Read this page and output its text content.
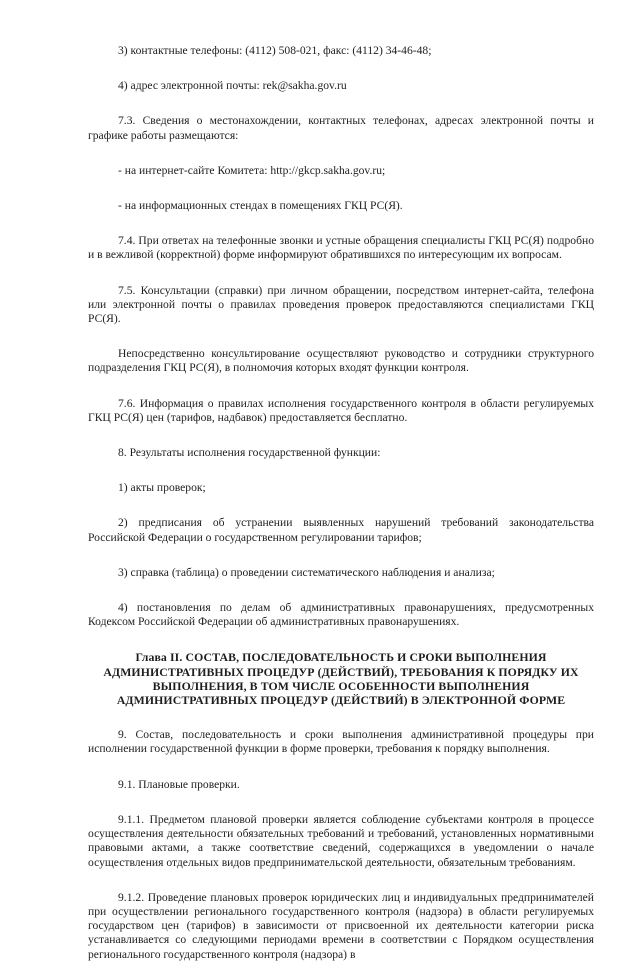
3) контактные телефоны: (4112) 508-021, факс: (4112) 34-46-48;

4) адрес электронной почты: rek@sakha.gov.ru

7.3. Сведения о местонахождении, контактных телефонах, адресах электронной почты и графике работы размещаются:

- на интернет-сайте Комитета: http://gkcp.sakha.gov.ru;

- на информационных стендах в помещениях ГКЦ РС(Я).

7.4. При ответах на телефонные звонки и устные обращения специалисты ГКЦ РС(Я) подробно и в вежливой (корректной) форме информируют обратившихся по интересующим их вопросам.

7.5. Консультации (справки) при личном обращении, посредством интернет-сайта, телефона или электронной почты о правилах проведения проверок предоставляются специалистами ГКЦ РС(Я).

Непосредственно консультирование осуществляют руководство и сотрудники структурного подразделения ГКЦ РС(Я), в полномочия которых входят функции контроля.

7.6. Информация о правилах исполнения государственного контроля в области регулируемых ГКЦ РС(Я) цен (тарифов, надбавок) предоставляется бесплатно.

8. Результаты исполнения государственной функции:

1) акты проверок;

2) предписания об устранении выявленных нарушений требований законодательства Российской Федерации о государственном регулировании тарифов;

3) справка (таблица) о проведении систематического наблюдения и анализа;

4) постановления по делам об административных правонарушениях, предусмотренных Кодексом Российской Федерации об административных правонарушениях.

Глава II. СОСТАВ, ПОСЛЕДОВАТЕЛЬНОСТЬ И СРОКИ ВЫПОЛНЕНИЯ АДМИНИСТРАТИВНЫХ ПРОЦЕДУР (ДЕЙСТВИЙ), ТРЕБОВАНИЯ К ПОРЯДКУ ИХ ВЫПОЛНЕНИЯ, В ТОМ ЧИСЛЕ ОСОБЕННОСТИ ВЫПОЛНЕНИЯ АДМИНИСТРАТИВНЫХ ПРОЦЕДУР (ДЕЙСТВИЙ) В ЭЛЕКТРОННОЙ ФОРМЕ

9. Состав, последовательность и сроки выполнения административной процедуры при исполнении государственной функции в форме проверки, требования к порядку выполнения.

9.1. Плановые проверки.

9.1.1. Предметом плановой проверки является соблюдение субъектами контроля в процессе осуществления деятельности обязательных требований и требований, установленных нормативными правовыми актами, а также соответствие сведений, содержащихся в уведомлении о начале осуществления отдельных видов предпринимательской деятельности, обязательным требованиям.

9.1.2. Проведение плановых проверок юридических лиц и индивидуальных предпринимателей при осуществлении регионального государственного контроля (надзора) в области регулируемых государством цен (тарифов) в зависимости от присвоенной их деятельности категории риска устанавливается со следующими периодами времени в соответствии с Порядком осуществления регионального государственного контроля (надзора) в
